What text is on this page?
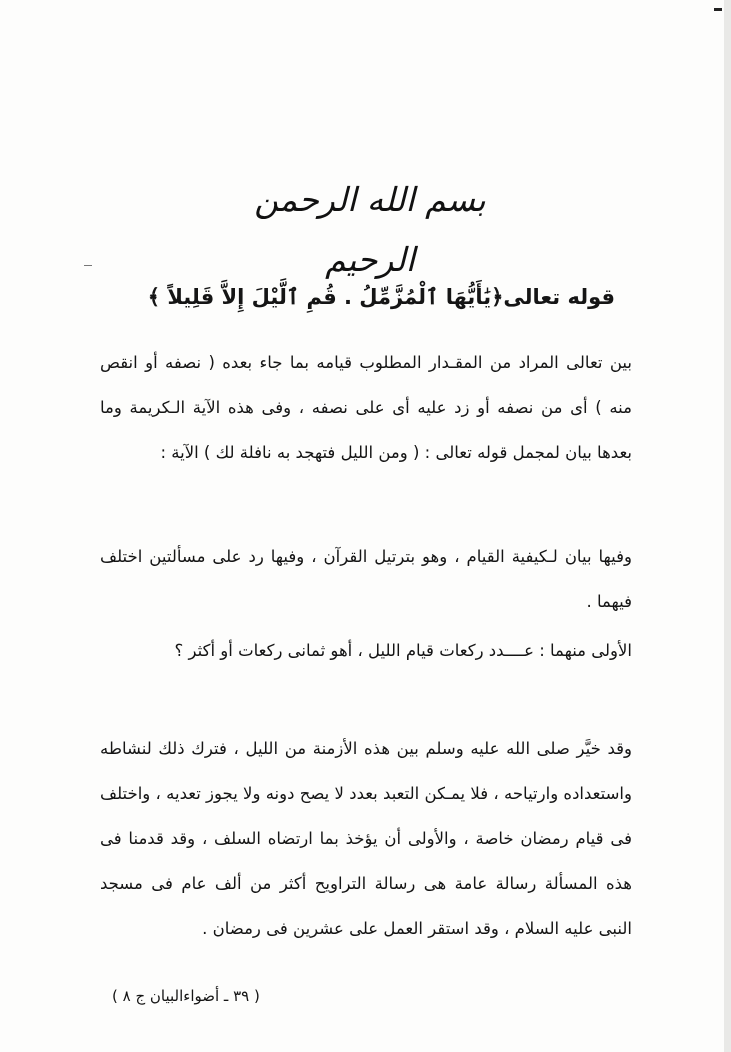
بسم الله الرحمن الرحيم
قوله تعالى﴿يَٰأَيُّهَا ٱلْمُزَّمِّلُ . قُمِ ٱلَّيْلَ إِلاَّ قَلِيلاً ﴾
بين تعالى المراد من المقـدار المطلوب قيامه بما جاء بعده ( نصفه أو انقص منه ) أى من نصفه أو زد عليه أى على نصفه ، وفى هذه الآية الـكريمة وما بعدها بيان لمجمل قوله تعالى : ( ومن الليل فتهجد به نافلة لك ) الآية :
وفيها بيان لـكيفية القيام ، وهو بترتيل القرآن ، وفيها رد على مسألتين اختلف فيهما .
الأولى منهما : عــــدد ركعات قيام الليل ، أهو ثمانى ركعات أو أكثر ؟
وقد خيَّر صلى الله عليه وسلم بين هذه الأزمنة من الليل ، فترك ذلك لنشاطه واستعداده وارتياحه ، فلا يمـكن التعبد بعدد لا يصح دونه ولا يجوز تعديه ، واختلف فى قيام رمضان خاصة ، والأولى أن يؤخذ بما ارتضاه السلف ، وقد قدمنا فى هذه المسألة رسالة عامة هى رسالة التراويح أكثر من ألف عام فى مسجد النبى عليه السلام ، وقد استقر العمل على عشرين فى رمضان .
( ٣٩ ـ أضواءالبيان ج ٨ )
